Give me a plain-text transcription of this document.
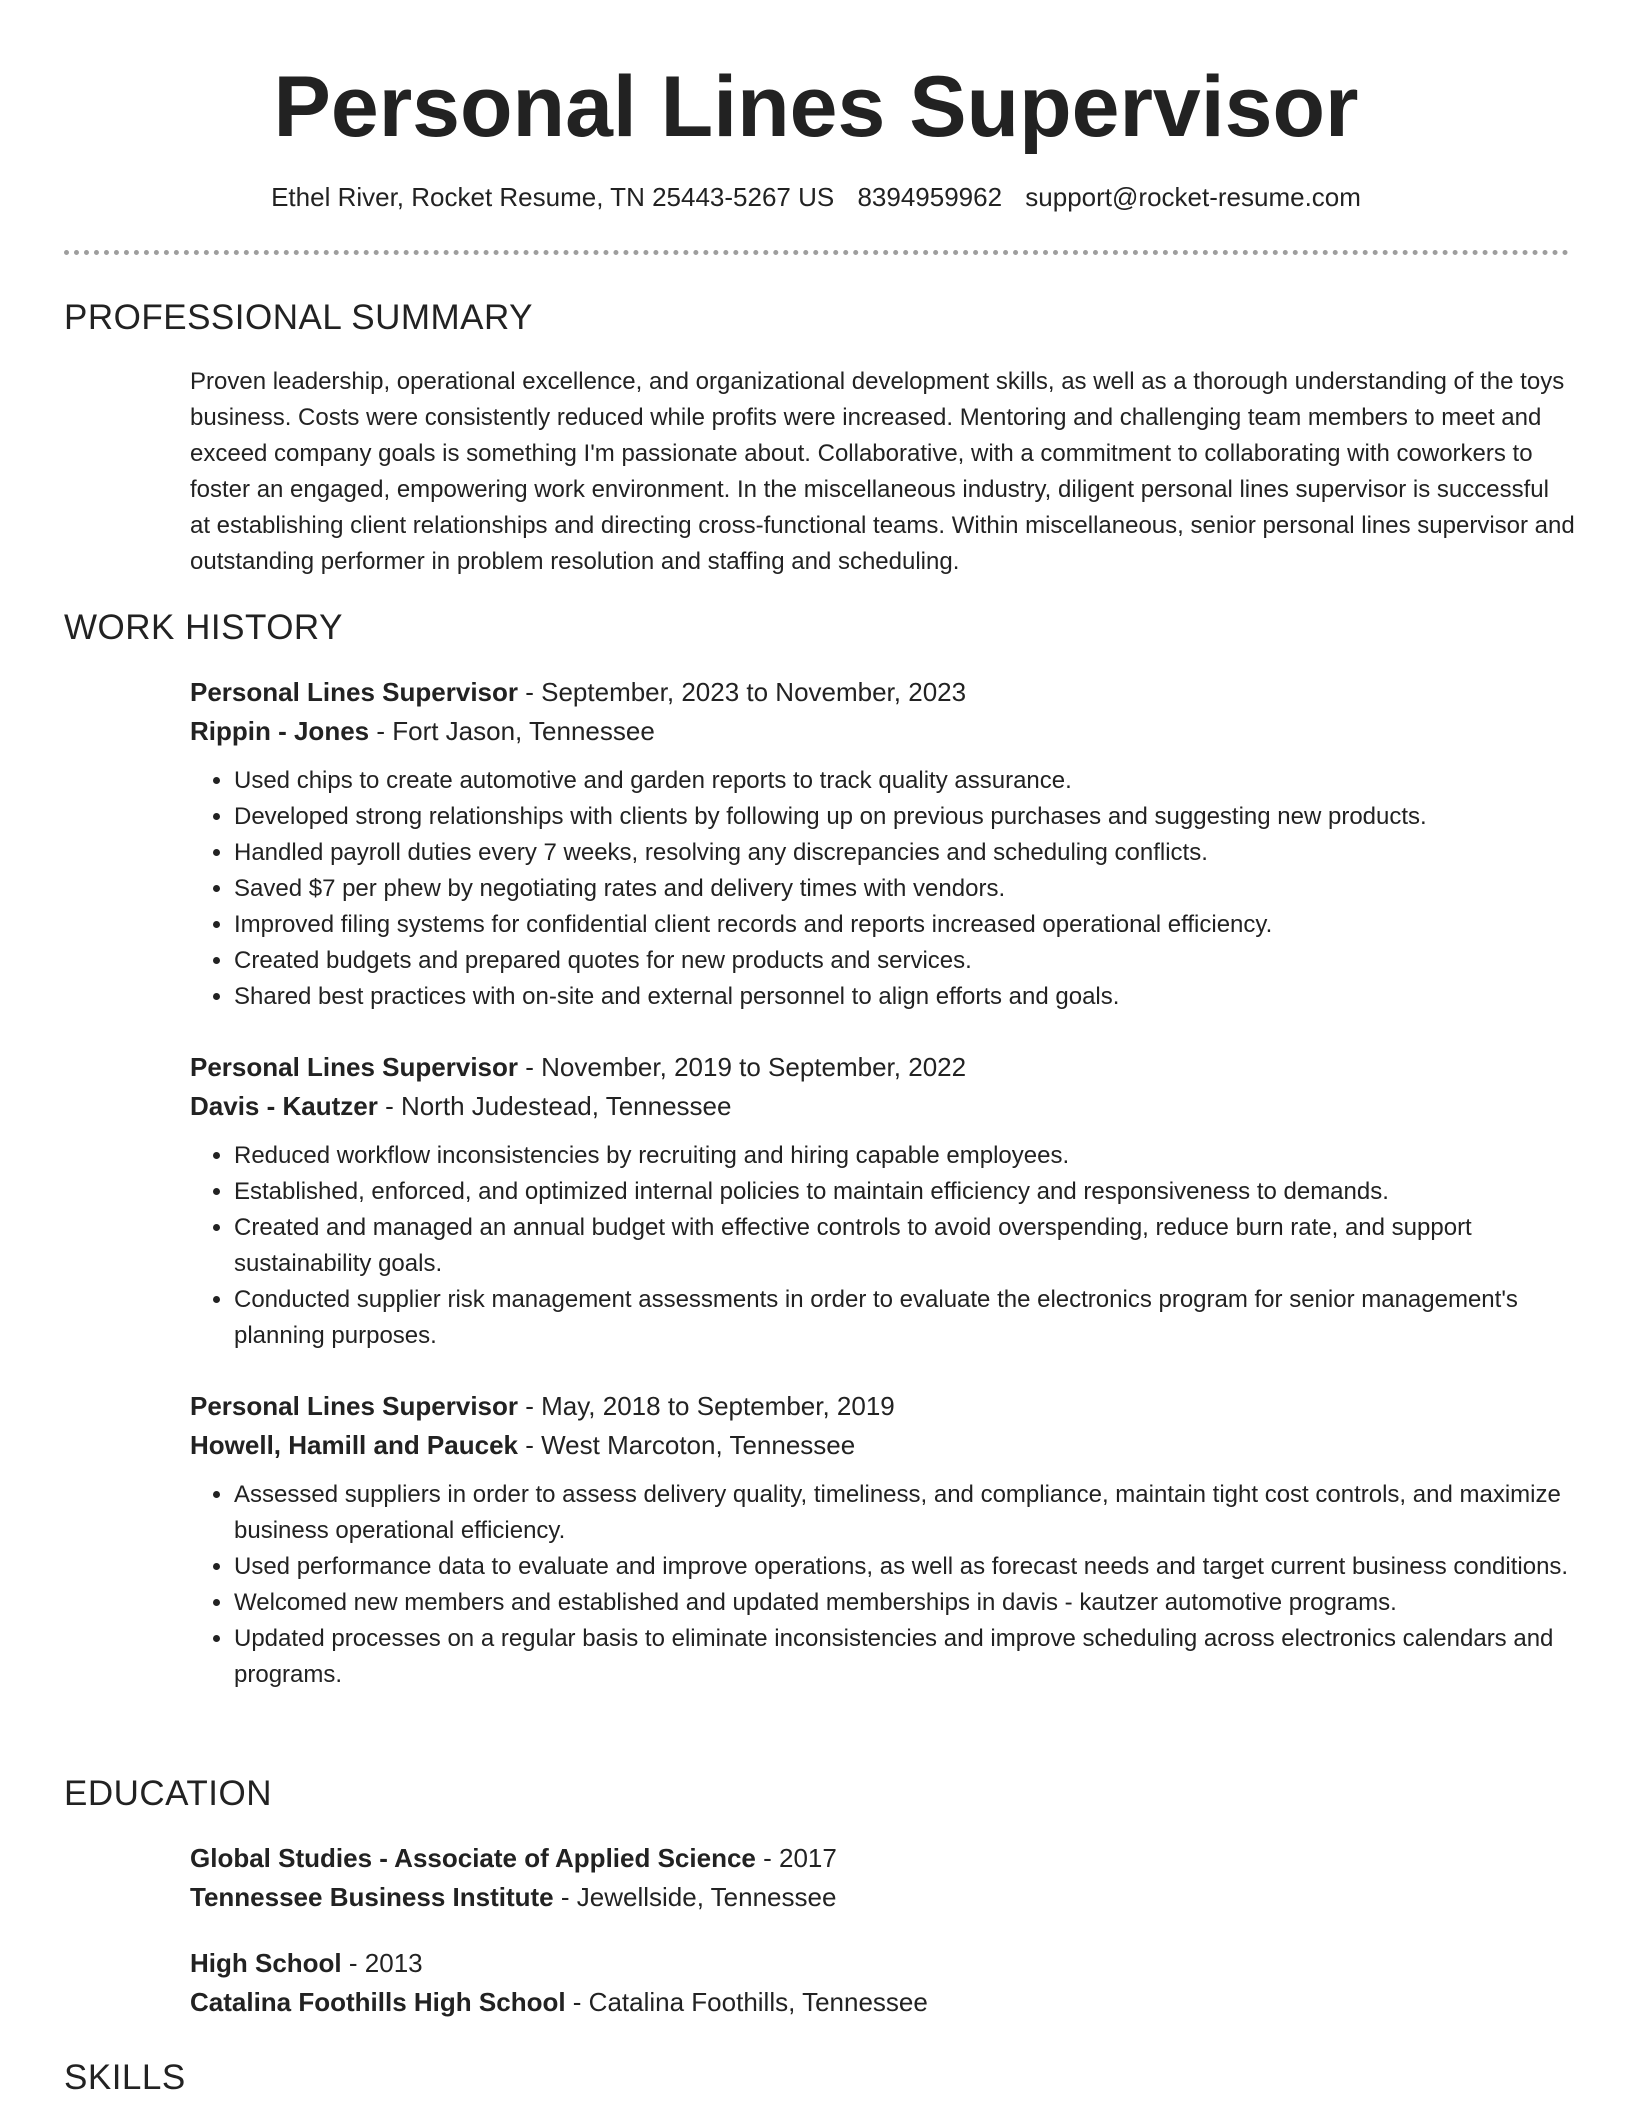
Personal Lines Supervisor
Ethel River, Rocket Resume, TN 25443-5267 US 8394959962 support@rocket-resume.com
PROFESSIONAL SUMMARY

Proven leadership, operational excellence, and organizational development skills, as well as a thorough understanding of the toys business. Costs were consistently reduced while profits were increased. Mentoring and challenging team members to meet and exceed company goals is something I'm passionate about. Collaborative, with a commitment to collaborating with coworkers to foster an engaged, empowering work environment. In the miscellaneous industry, diligent personal lines supervisor is successful at establishing client relationships and directing cross-functional teams. Within miscellaneous, senior personal lines supervisor and outstanding performer in problem resolution and staffing and scheduling.

WORK HISTORY

Personal Lines Supervisor - September, 2023 to November, 2023

Rippin - Jones - Fort Jason, Tennessee

• Used chips to create automotive and garden reports to track quality assurance.
• Developed strong relationships with clients by following up on previous purchases and suggesting new products.
• Handled payroll duties every 7 weeks, resolving any discrepancies and scheduling conflicts.
• Saved $7 per phew by negotiating rates and delivery times with vendors.
• Improved filing systems for confidential client records and reports increased operational efficiency.
• Created budgets and prepared quotes for new products and services.
• Shared best practices with on-site and external personnel to align efforts and goals.

Personal Lines Supervisor - November, 2019 to September, 2022

Davis - Kautzer - North Judestead, Tennessee

• Reduced workflow inconsistencies by recruiting and hiring capable employees.
• Established, enforced, and optimized internal policies to maintain efficiency and responsiveness to demands.
• Created and managed an annual budget with effective controls to avoid overspending, reduce burn rate, and support sustainability goals.
• Conducted supplier risk management assessments in order to evaluate the electronics program for senior management's planning purposes.

Personal Lines Supervisor - May, 2018 to September, 2019

Howell, Hamill and Paucek - West Marcoton, Tennessee

• Assessed suppliers in order to assess delivery quality, timeliness, and compliance, maintain tight cost controls, and maximize business operational efficiency.
• Used performance data to evaluate and improve operations, as well as forecast needs and target current business conditions.
• Welcomed new members and established and updated memberships in davis - kautzer automotive programs.
• Updated processes on a regular basis to eliminate inconsistencies and improve scheduling across electronics calendars and programs.
EDUCATION

Global Studies - Associate of Applied Science - 2017

Tennessee Business Institute - Jewellside, Tennessee

High School - 2013

Catalina Foothills High School - Catalina Foothills, Tennessee

SKILLS
